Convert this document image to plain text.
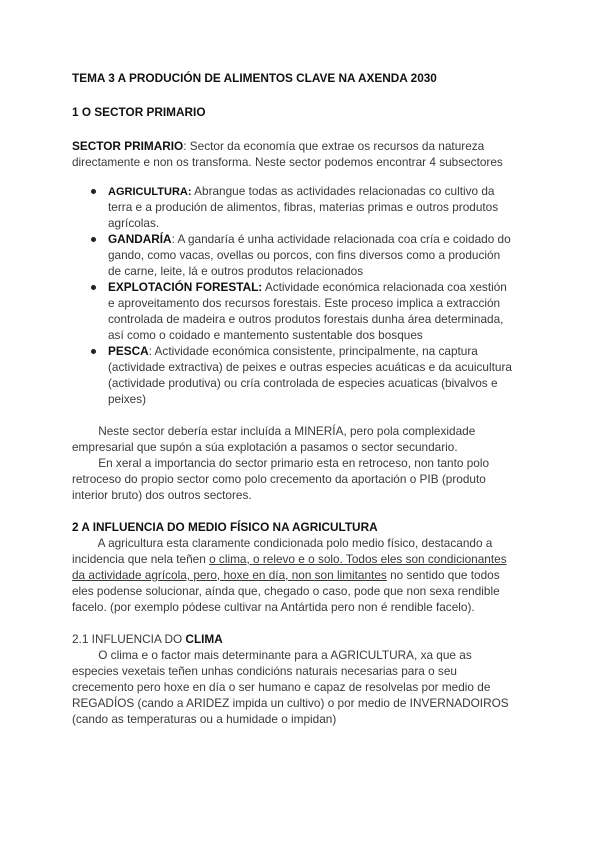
TEMA 3 A PRODUCIÓN DE ALIMENTOS CLAVE NA AXENDA 2030
1 O SECTOR PRIMARIO
SECTOR PRIMARIO: Sector da economía que extrae os recursos da natureza
directamente e non os transforma. Neste sector podemos encontrar 4 subsectores
AGRICULTURA: Abrangue todas as actividades relacionadas co cultivo da
terra e a produción de alimentos, fibras, materias primas e outros produtos
agrícolas.
GANDARÍA: A gandaría é unha actividade relacionada coa cría e coidado do
gando, como vacas, ovellas ou porcos, con fins diversos como a produción
de carne, leite, lá e outros produtos relacionados
EXPLOTACIÓN FORESTAL: Actividade económica relacionada coa xestión
e aproveitamento dos recursos forestais. Este proceso implica a extracción
controlada de madeira e outros produtos forestais dunha área determinada,
así como o coidado e mantemento sustentable dos bosques
PESCA: Actividade económica consistente, principalmente, na captura
(actividade extractiva) de peixes e outras especies acuáticas e da acuicultura
(actividade produtiva) ou cría controlada de especies acuaticas (bivalvos e
peixes)
Neste sector debería estar incluída a MINERÍA, pero pola complexidade
empresarial que supón a súa explotación a pasamos o sector secundario.
En xeral a importancia do sector primario esta en retroceso, non tanto polo
retroceso do propio sector como polo crecemento da aportación o PIB (produto
interior bruto) dos outros sectores.
2 A INFLUENCIA DO MEDIO FÍSICO NA AGRICULTURA
A agricultura esta claramente condicionada polo medio físico, destacando a
incidencia que nela teñen o clima, o relevo e o solo. Todos eles son condicionantes
da actividade agrícola, pero, hoxe en día, non son limitantes no sentido que todos
eles podense solucionar, aínda que, chegado o caso, pode que non sexa rendible
facelo. (por exemplo pódese cultivar na Antártida pero non é rendible facelo).
2.1 INFLUENCIA DO CLIMA
O clima e o factor mais determinante para a AGRICULTURA, xa que as
especies vexetais teñen unhas condicións naturais necesarias para o seu
crecemento pero hoxe en día o ser humano e capaz de resolvelas por medio de
REGADÍOS (cando a ARIDEZ impida un cultivo) o por medio de INVERNADOIROS
(cando as temperaturas ou a humidade o impidan)
